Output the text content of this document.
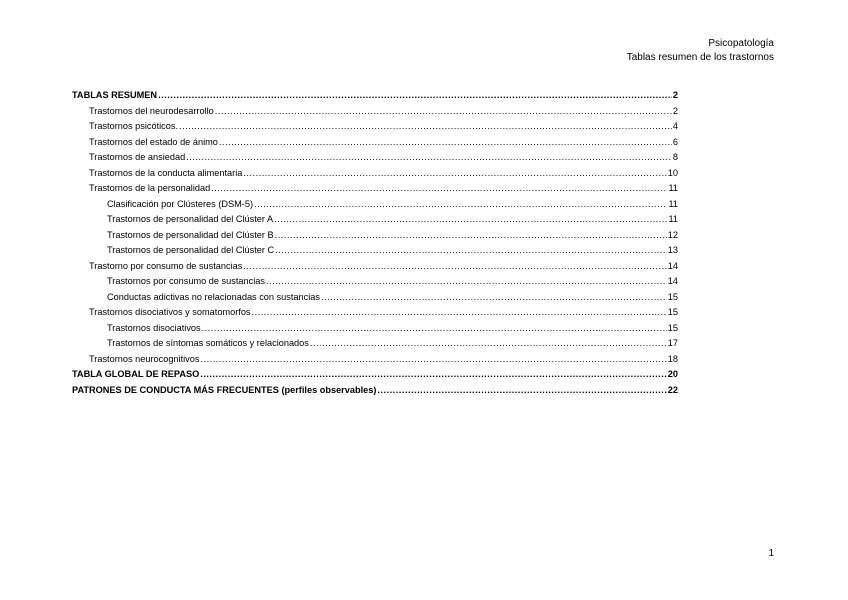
Psicopatología
Tablas resumen de los trastornos
TABLAS RESUMEN .....	2
Trastornos del neurodesarrollo .....	2
Trastornos psicóticos. .....	4
Trastornos del estado de ánimo .....	6
Trastornos de ansiedad .....	8
Trastornos de la conducta alimentaria .....	10
Trastornos de la personalidad .....	11
Clasificación por Clústeres (DSM-5) .....	11
Trastornos de personalidad del Clúster A .....	11
Trastornos de personalidad del Clúster B .....	12
Trastornos de personalidad del Clúster C .....	13
Trastorno por consumo de sustancias .....	14
Trastornos por consumo de sustancias .....	14
Conductas adictivas no relacionadas con sustancias .....	15
Trastornos disociativos y somatomorfos .....	15
Trastornos disociativos .....	15
Trastornos de síntomas somáticos y relacionados .....	17
Trastornos neurocognitivos .....	18
TABLA GLOBAL DE REPASO .....	20
PATRONES DE CONDUCTA MÁS FRECUENTES (perfiles observables) .....	22
1
